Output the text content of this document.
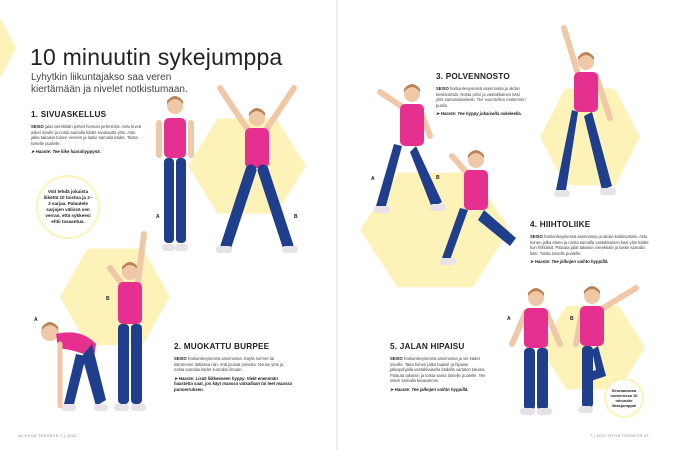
10 minuutin sykejumppa
Lyhytkin liikuntajakso saa veren kiertämään ja nivelet notkistumaan.
1. SIVUASKELLUS

SEISO jalat vierekkäin polvet hieman pehmeinä. Astu leveä askel sivulle ja nosta samalla kädet sivukautta ylös. Astu jalka takaisin toisen viereen ja laske samalla kädet. Toista toiselle puolelle.

➤ Haaste: Tee liike haarahyppynä.

Voit tehdä jokaista liikettä 10 toistoa ja 2–3 sarjaa. Palautele sarjojen välissä sen verran, että sykkeesi ehtii tasaantua.
2. MUOKATTU BURPEE

SEISO hartianlevyisessä asennossa. Käytä sormet tai kämmenet lattiassa niin, että jousiat polvista. Nouse ylös ja nosta samalla kädet suoraksi ilmaan.

➤ Haaste: Lisää liikkeeseen hyppy. Vielä enemmän haastetta saat, jos käyt maassa vatsallaan tai teet maassa punnerruksen.

3. POLVENNOSTO

SEISO hartianlevyisessä asennossa ja aktiivi keskivartalo. Nosta polvi ja vastakkainen käsi ylös samanaikaisesti. Tee vuorotellen molemmin puolin.

➤ Haaste: Tee hyppy jokaisella askeleella.

4. HIIHTOLIIKE

SEISO hartianlevyisessä asennossa ja aktiivi keskivartalo. Astu toinen jalka eteen ja nosta samalla vastakkainen käsi ylös kädet kun hiihtäisit. Palauta jalat takaisin vierekkäin ja laske samalla käsi. Toista toiselle puolelle.

➤ Haaste: Tee jalkojen vaihto hyppillä.

5. JALAN HIPAISU

SEISO hartianlevyisessä asennossa ja vie kädet sivuille. Taita toinen jalka taakse ja hipaise jalkapohjalla vastakkaisella kädellä vartalon takana. Palauta takaisin ja toista sama toiselle puolelle. Tee ottein samalla kiivaammin.

➤ Haaste: Tee jalkojen vaihto hyppillä.	Seuraavassa numerossa 10 minuutin lihasjumppa!
A	B
A
B
A	B
A	B
46 HYVÄ TERVEYS 7 | 2021	7 | 2021 HYVÄ TERVEYS 47
